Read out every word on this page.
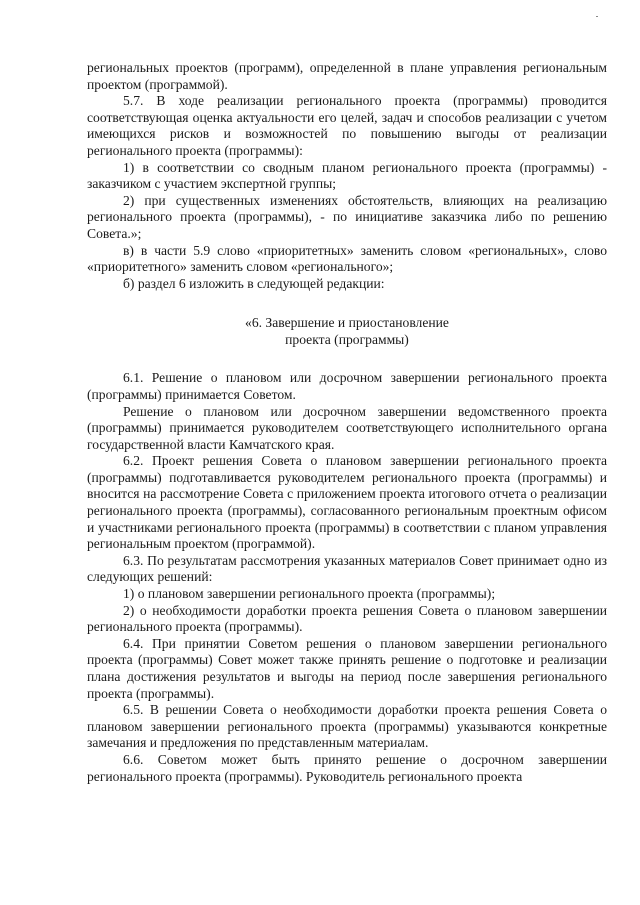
региональных проектов (программ), определенной в плане управления региональным проектом (программой).

5.7. В ходе реализации регионального проекта (программы) проводится соответствующая оценка актуальности его целей, задач и способов реализации с учетом имеющихся рисков и возможностей по повышению выгоды от реализации регионального проекта (программы):

1) в соответствии со сводным планом регионального проекта (программы) - заказчиком с участием экспертной группы;

2) при существенных изменениях обстоятельств, влияющих на реализацию регионального проекта (программы), - по инициативе заказчика либо по решению Совета.»;

в) в части 5.9 слово «приоритетных» заменить словом «региональных», слово «приоритетного» заменить словом «регионального»;

б) раздел 6 изложить в следующей редакции:

«6. Завершение и приостановление
проекта (программы)

6.1. Решение о плановом или досрочном завершении регионального проекта (программы) принимается Советом.

Решение о плановом или досрочном завершении ведомственного проекта (программы) принимается руководителем соответствующего исполнительного органа государственной власти Камчатского края.

6.2. Проект решения Совета о плановом завершении регионального проекта (программы) подготавливается руководителем регионального проекта (программы) и вносится на рассмотрение Совета с приложением проекта итогового отчета о реализации регионального проекта (программы), согласованного региональным проектным офисом и участниками регионального проекта (программы) в соответствии с планом управления региональным проектом (программой).

6.3. По результатам рассмотрения указанных материалов Совет принимает одно из следующих решений:

1) о плановом завершении регионального проекта (программы);

2) о необходимости доработки проекта решения Совета о плановом завершении регионального проекта (программы).

6.4. При принятии Советом решения о плановом завершении регионального проекта (программы) Совет может также принять решение о подготовке и реализации плана достижения результатов и выгоды на период после завершения регионального проекта (программы).

6.5. В решении Совета о необходимости доработки проекта решения Совета о плановом завершении регионального проекта (программы) указываются конкретные замечания и предложения по представленным материалам.

6.6. Советом может быть принято решение о досрочном завершении регионального проекта (программы). Руководитель регионального проекта
